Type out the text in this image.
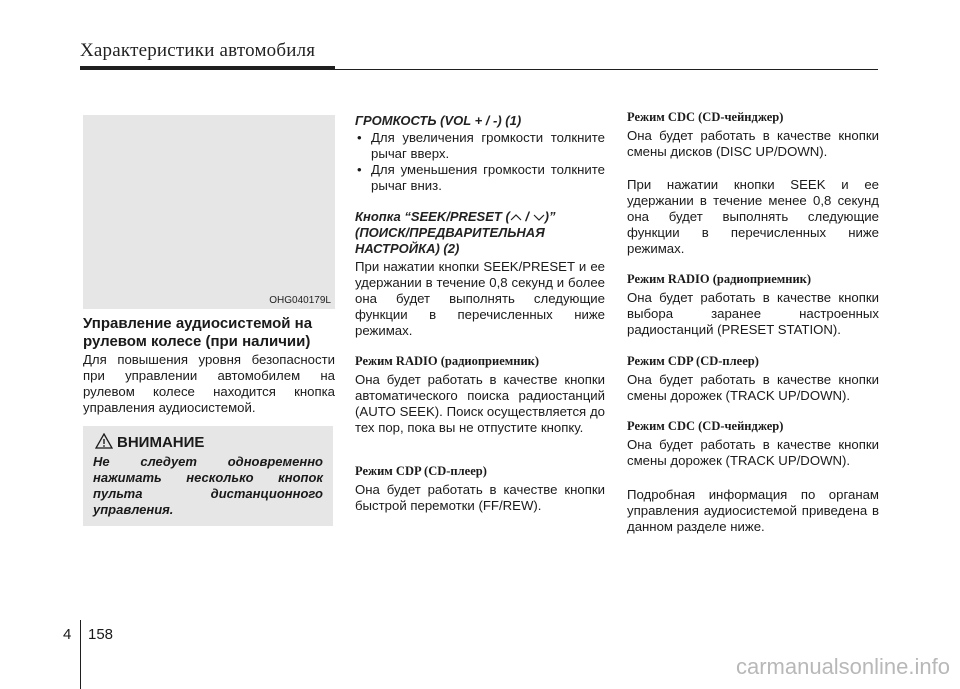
Характеристики автомобиля
OHG040179L
Управление аудиосистемой на рулевом колесе (при наличии)
Для повышения уровня безопасности при управлении автомобилем на рулевом колесе находится кнопка управления аудиосистемой.
ВНИМАНИЕ
Не следует одновременно нажимать несколько кнопок пульта дистанционного управления.
ГРОМКОСТЬ (VOL + / -) (1)
• Для увеличения громкости толкните рычаг вверх.
• Для уменьшения громкости толкните рычаг вниз.
Кнопка “SEEK/PRESET ( / )”
(ПОИСК/ПРЕДВАРИТЕЛЬНАЯ
НАСТРОЙКА) (2)
При нажатии кнопки SEEK/PRESET и ее удержании в течение 0,8 секунд и более она будет выполнять следующие функции в перечисленных ниже режимах.
Режим RADIO (радиоприемник)
Она будет работать в качестве кнопки автоматического поиска радиостанций (AUTO SEEK). Поиск осуществляется до тех пор, пока вы не отпустите кнопку.
Режим CDP (CD-плеер)
Она будет работать в качестве кнопки быстрой перемотки (FF/REW).
Режим CDC (CD-чейнджер)
Она будет работать в качестве кнопки смены дисков (DISC UP/DOWN).
При нажатии кнопки SEEK и ее удержании в течение менее 0,8 секунд она будет выполнять следующие функции в перечисленных ниже режимах.
Режим RADIO (радиоприемник)
Она будет работать в качестве кнопки выбора заранее настроенных радиостанций (PRESET STATION).
Режим CDP (CD-плеер)
Она будет работать в качестве кнопки смены дорожек (TRACK UP/DOWN).
Режим CDC (CD-чейнджер)
Она будет работать в качестве кнопки смены дорожек (TRACK UP/DOWN).
Подробная информация по органам управления аудиосистемой приведена в данном разделе ниже.
4 158
carmanualsonline.info
